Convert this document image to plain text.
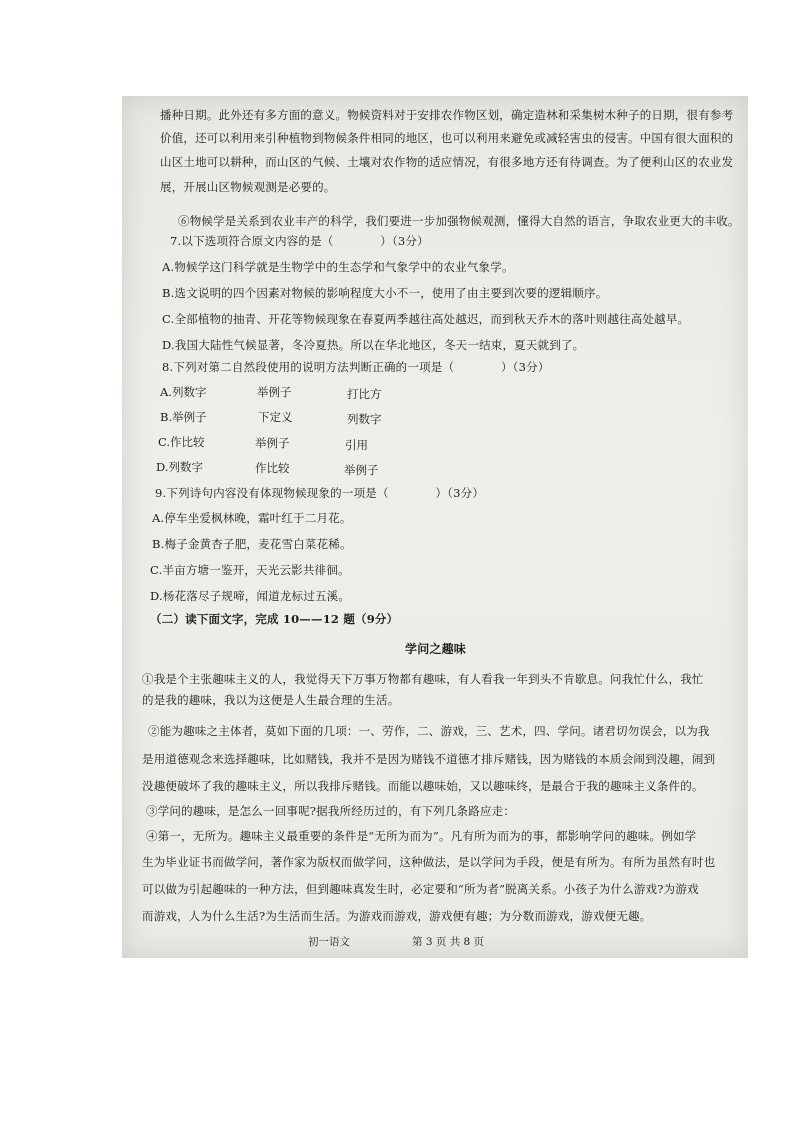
播种日期。此外还有多方面的意义。物候资料对于安排农作物区划，确定造林和采集树木种子的日期，很有参考
价值，还可以利用来引种植物到物候条件相同的地区，也可以利用来避免或减轻害虫的侵害。中国有很大面积的
山区土地可以耕种，而山区的气候、土壤对农作物的适应情况，有很多地方还有待调查。为了便利山区的农业发
展，开展山区物候观测是必要的。
⑥物候学是关系到农业丰产的科学，我们要进一步加强物候观测，懂得大自然的语言，争取农业更大的丰收。
7.以下选项符合原文内容的是（　　　　）（3分）
A.物候学这门科学就是生物学中的生态学和气象学中的农业气象学。
B.选文说明的四个因素对物候的影响程度大小不一，使用了由主要到次要的逻辑顺序。
C.全部植物的抽青、开花等物候现象在春夏两季越往高处越迟，而到秋天乔木的落叶则越往高处越早。
D.我国大陆性气候显著，冬冷夏热。所以在华北地区，冬天一结束，夏天就到了。
8.下列对第二自然段使用的说明方法判断正确的一项是（　　　　）（3分）
A.列数字	举例子	打比方
B.举例子	下定义	列数字
C.作比较	举例子	引用
D.列数字	作比较	举例子
9.下列诗句内容没有体现物候现象的一项是（　　　　）（3分）
A.停车坐爱枫林晚，霜叶红于二月花。
B.梅子金黄杏子肥，麦花雪白菜花稀。
C.半亩方塘一鉴开，天光云影共徘徊。
D.杨花落尽子规啼，闻道龙标过五溪。
（二）读下面文字，完成 10——12 题（9分）
学问之趣味
①我是个主张趣味主义的人，我觉得天下万事万物都有趣味，有人看我一年到头不肯歇息。问我忙什么，我忙
的是我的趣味，我以为这便是人生最合理的生活。
②能为趣味之主体者，莫如下面的几项：一、劳作，二、游戏，三、艺术，四、学问。诸君切勿误会，以为我
是用道德观念来选择趣味，比如赌钱，我并不是因为赌钱不道德才排斥赌钱，因为赌钱的本质会闹到没趣，闹到
没趣便破坏了我的趣味主义，所以我排斥赌钱。而能以趣味始，又以趣味终，是最合于我的趣味主义条件的。
③学问的趣味，是怎么一回事呢?据我所经历过的，有下列几条路应走：
④第一，无所为。趣味主义最重要的条件是“无所为而为”。凡有所为而为的事，都影响学问的趣味。例如学
生为毕业证书而做学问，著作家为版权而做学问，这种做法，是以学问为手段，便是有所为。有所为虽然有时也
可以做为引起趣味的一种方法，但到趣味真发生时，必定要和“所为者”脱离关系。小孩子为什么游戏?为游戏
而游戏，人为什么生活?为生活而生活。为游戏而游戏，游戏便有趣；为分数而游戏，游戏便无趣。
初一语文	第 3 页 共 8 页
